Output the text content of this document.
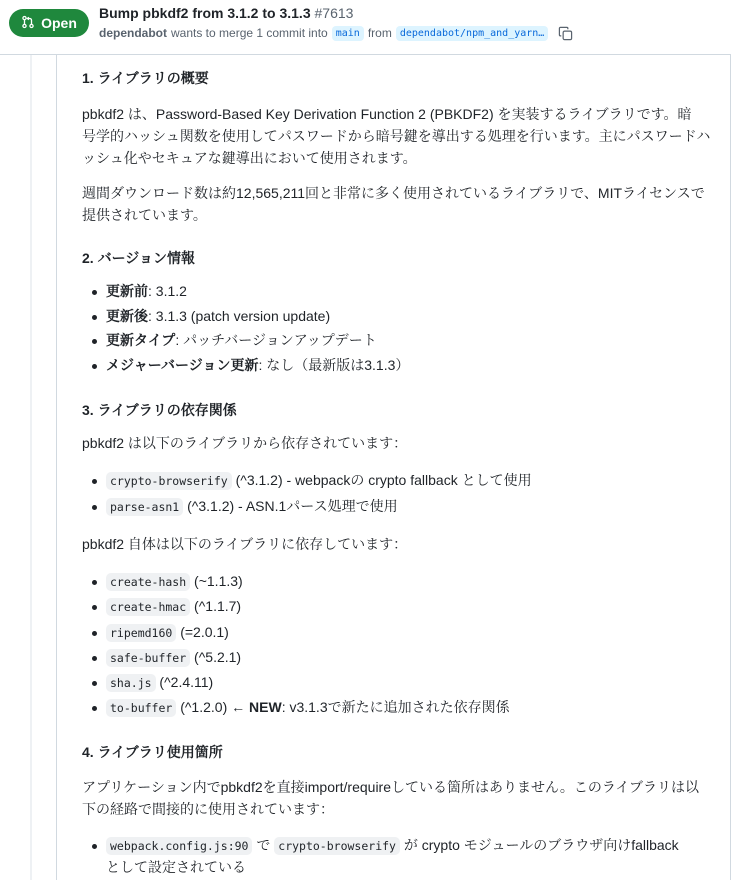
Open
Bump pbkdf2 from 3.1.2 to 3.1.3 #7613
dependabot wants to merge 1 commit into main from dependabot/npm_and_yarn…
1. ライブラリの概要
pbkdf2 は、Password-Based Key Derivation Function 2 (PBKDF2) を実装するライブラリです。暗
号学的ハッシュ関数を使用してパスワードから暗号鍵を導出する処理を行います。主にパスワードハ
ッシュ化やセキュアな鍵導出において使用されます。
週間ダウンロード数は約12,565,211回と非常に多く使用されているライブラリで、MITライセンスで
提供されています。
2. バージョン情報
更新前: 3.1.2
更新後: 3.1.3 (patch version update)
更新タイプ: パッチバージョンアップデート
メジャーバージョン更新: なし（最新版は3.1.3）
3. ライブラリの依存関係
pbkdf2 は以下のライブラリから依存されています：
crypto-browserify (^3.1.2) - webpackの crypto fallback として使用
parse-asn1 (^3.1.2) - ASN.1パース処理で使用
pbkdf2 自体は以下のライブラリに依存しています：
create-hash (~1.1.3)
create-hmac (^1.1.7)
ripemd160 (=2.0.1)
safe-buffer (^5.2.1)
sha.js (^2.4.11)
to-buffer (^1.2.0) ← NEW: v3.1.3で新たに追加された依存関係
4. ライブラリ使用箇所
アプリケーション内でpbkdf2を直接import/requireしている箇所はありません。このライブラリは以
下の経路で間接的に使用されています：
webpack.config.js:90 で crypto-browserify が crypto モジュールのブラウザ向けfallback
として設定されている
